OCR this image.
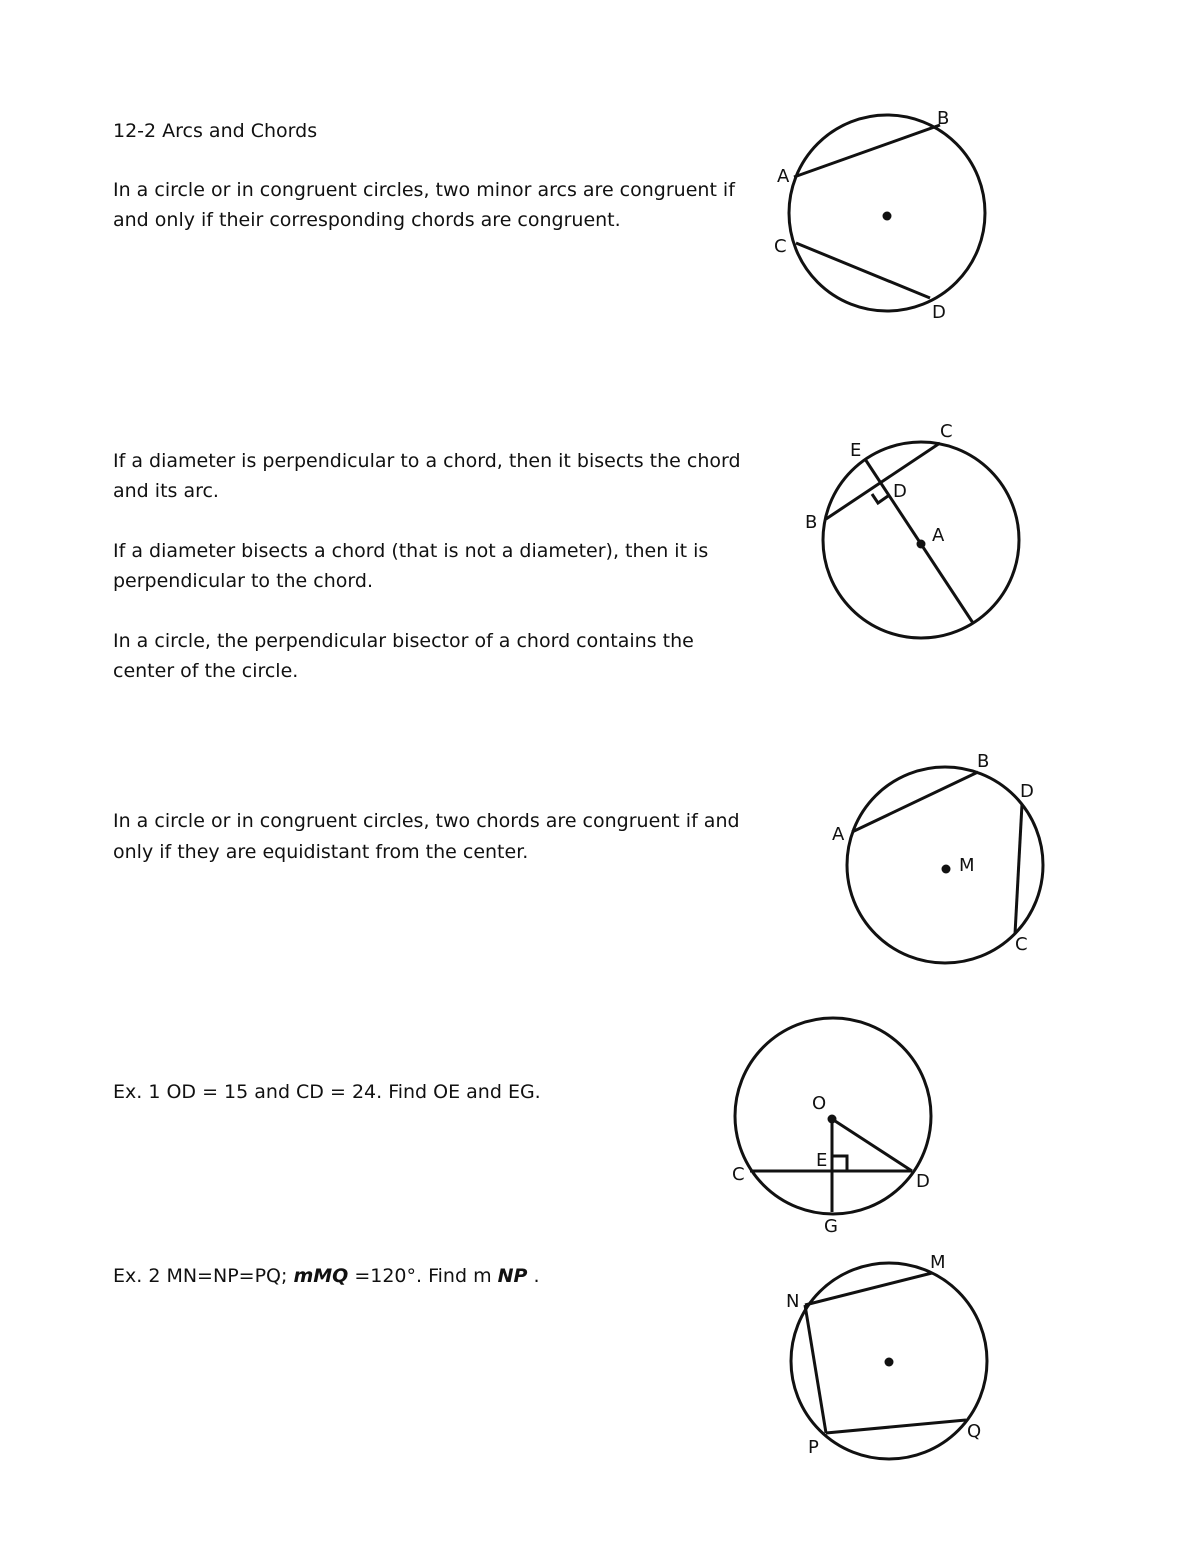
12-2 Arcs and Chords

In a circle or in congruent circles, two minor arcs are congruent if and only if their corresponding chords are congruent.

If a diameter is perpendicular to a chord, then it bisects the chord and its arc.

If a diameter bisects a chord (that is not a diameter), then it is perpendicular to the chord.

In a circle, the perpendicular bisector of a chord contains the center of the circle.

In a circle or in congruent circles, two chords are congruent if and only if they are equidistant from the center.

Ex. 1 OD = 15 and CD = 24. Find OE and EG.

Ex. 2 MN=NP=PQ; mMQ =120°. Find m NP .

A
B
C
D
E
C
D
B
A
A
B
D
M
C
O
E
C	D
G
M
N
P
Q
